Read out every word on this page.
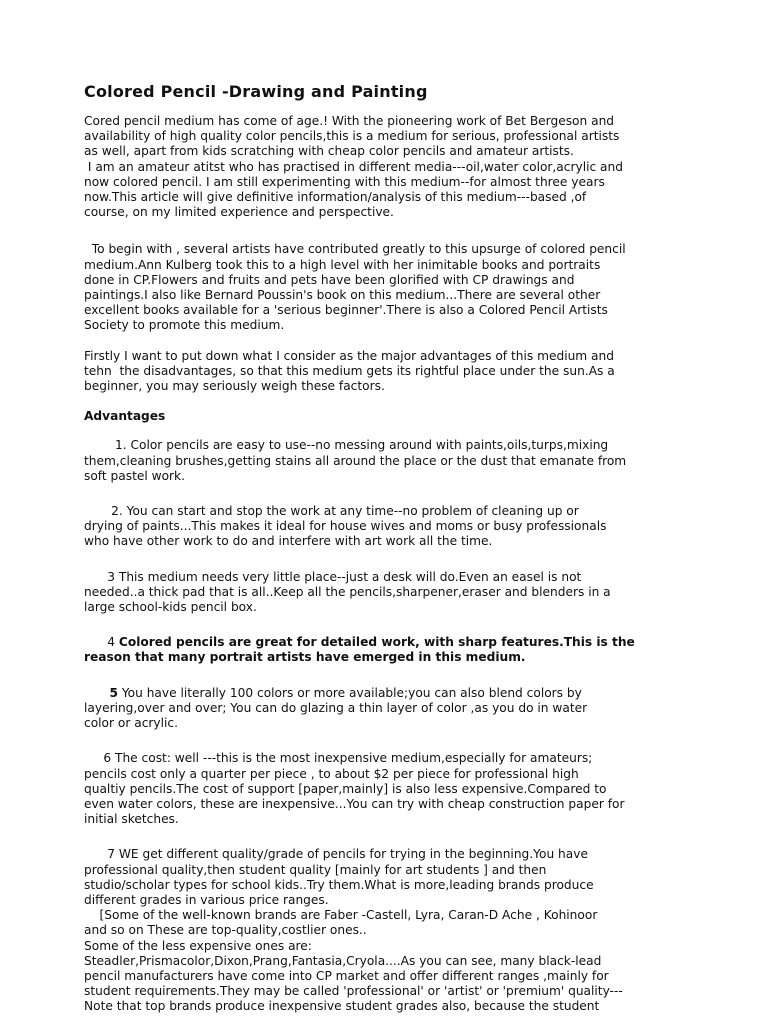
Colored Pencil -Drawing and Painting
Cored pencil medium has come of age.! With the pioneering work of Bet Bergeson and
availability of high quality color pencils,this is a medium for serious, professional artists
as well, apart from kids scratching with cheap color pencils and amateur artists.
I am an amateur atitst who has practised in different media---oil,water color,acrylic and
now colored pencil. I am still experimenting with this medium--for almost three years
now.This article will give definitive information/analysis of this medium---based ,of
course, on my limited experience and perspective.
To begin with , several artists have contributed greatly to this upsurge of colored pencil
medium.Ann Kulberg took this to a high level with her inimitable books and portraits
done in CP.Flowers and fruits and pets have been glorified with CP drawings and
paintings.I also like Bernard Poussin's book on this medium...There are several other
excellent books available for a 'serious beginner'.There is also a Colored Pencil Artists
Society to promote this medium.
Firstly I want to put down what I consider as the major advantages of this medium and
tehn  the disadvantages, so that this medium gets its rightful place under the sun.As a
beginner, you may seriously weigh these factors.
Advantages
1. Color pencils are easy to use--no messing around with paints,oils,turps,mixing
them,cleaning brushes,getting stains all around the place or the dust that emanate from
soft pastel work.
2. You can start and stop the work at any time--no problem of cleaning up or
drying of paints...This makes it ideal for house wives and moms or busy professionals
who have other work to do and interfere with art work all the time.
3 This medium needs very little place--just a desk will do.Even an easel is not
needed..a thick pad that is all..Keep all the pencils,sharpener,eraser and blenders in a
large school-kids pencil box.
4 Colored pencils are great for detailed work, with sharp features.This is the
reason that many portrait artists have emerged in this medium.
5 You have literally 100 colors or more available;you can also blend colors by
layering,over and over; You can do glazing a thin layer of color ,as you do in water
color or acrylic.
6 The cost: well ---this is the most inexpensive medium,especially for amateurs;
pencils cost only a quarter per piece , to about $2 per piece for professional high
qualtiy pencils.The cost of support [paper,mainly] is also less expensive.Compared to
even water colors, these are inexpensive...You can try with cheap construction paper for
initial sketches.
7 WE get different quality/grade of pencils for trying in the beginning.You have
professional quality,then student quality [mainly for art students ] and then
studio/scholar types for school kids..Try them.What is more,leading brands produce
different grades in various price ranges.
[Some of the well-known brands are Faber -Castell, Lyra, Caran-D Ache , Kohinoor
and so on These are top-quality,costlier ones..
Some of the less expensive ones are:
Steadler,Prismacolor,Dixon,Prang,Fantasia,Cryola....As you can see, many black-lead
pencil manufacturers have come into CP market and offer different ranges ,mainly for
student requirements.They may be called 'professional' or 'artist' or 'premium' quality---
Note that top brands produce inexpensive student grades also, because the student
